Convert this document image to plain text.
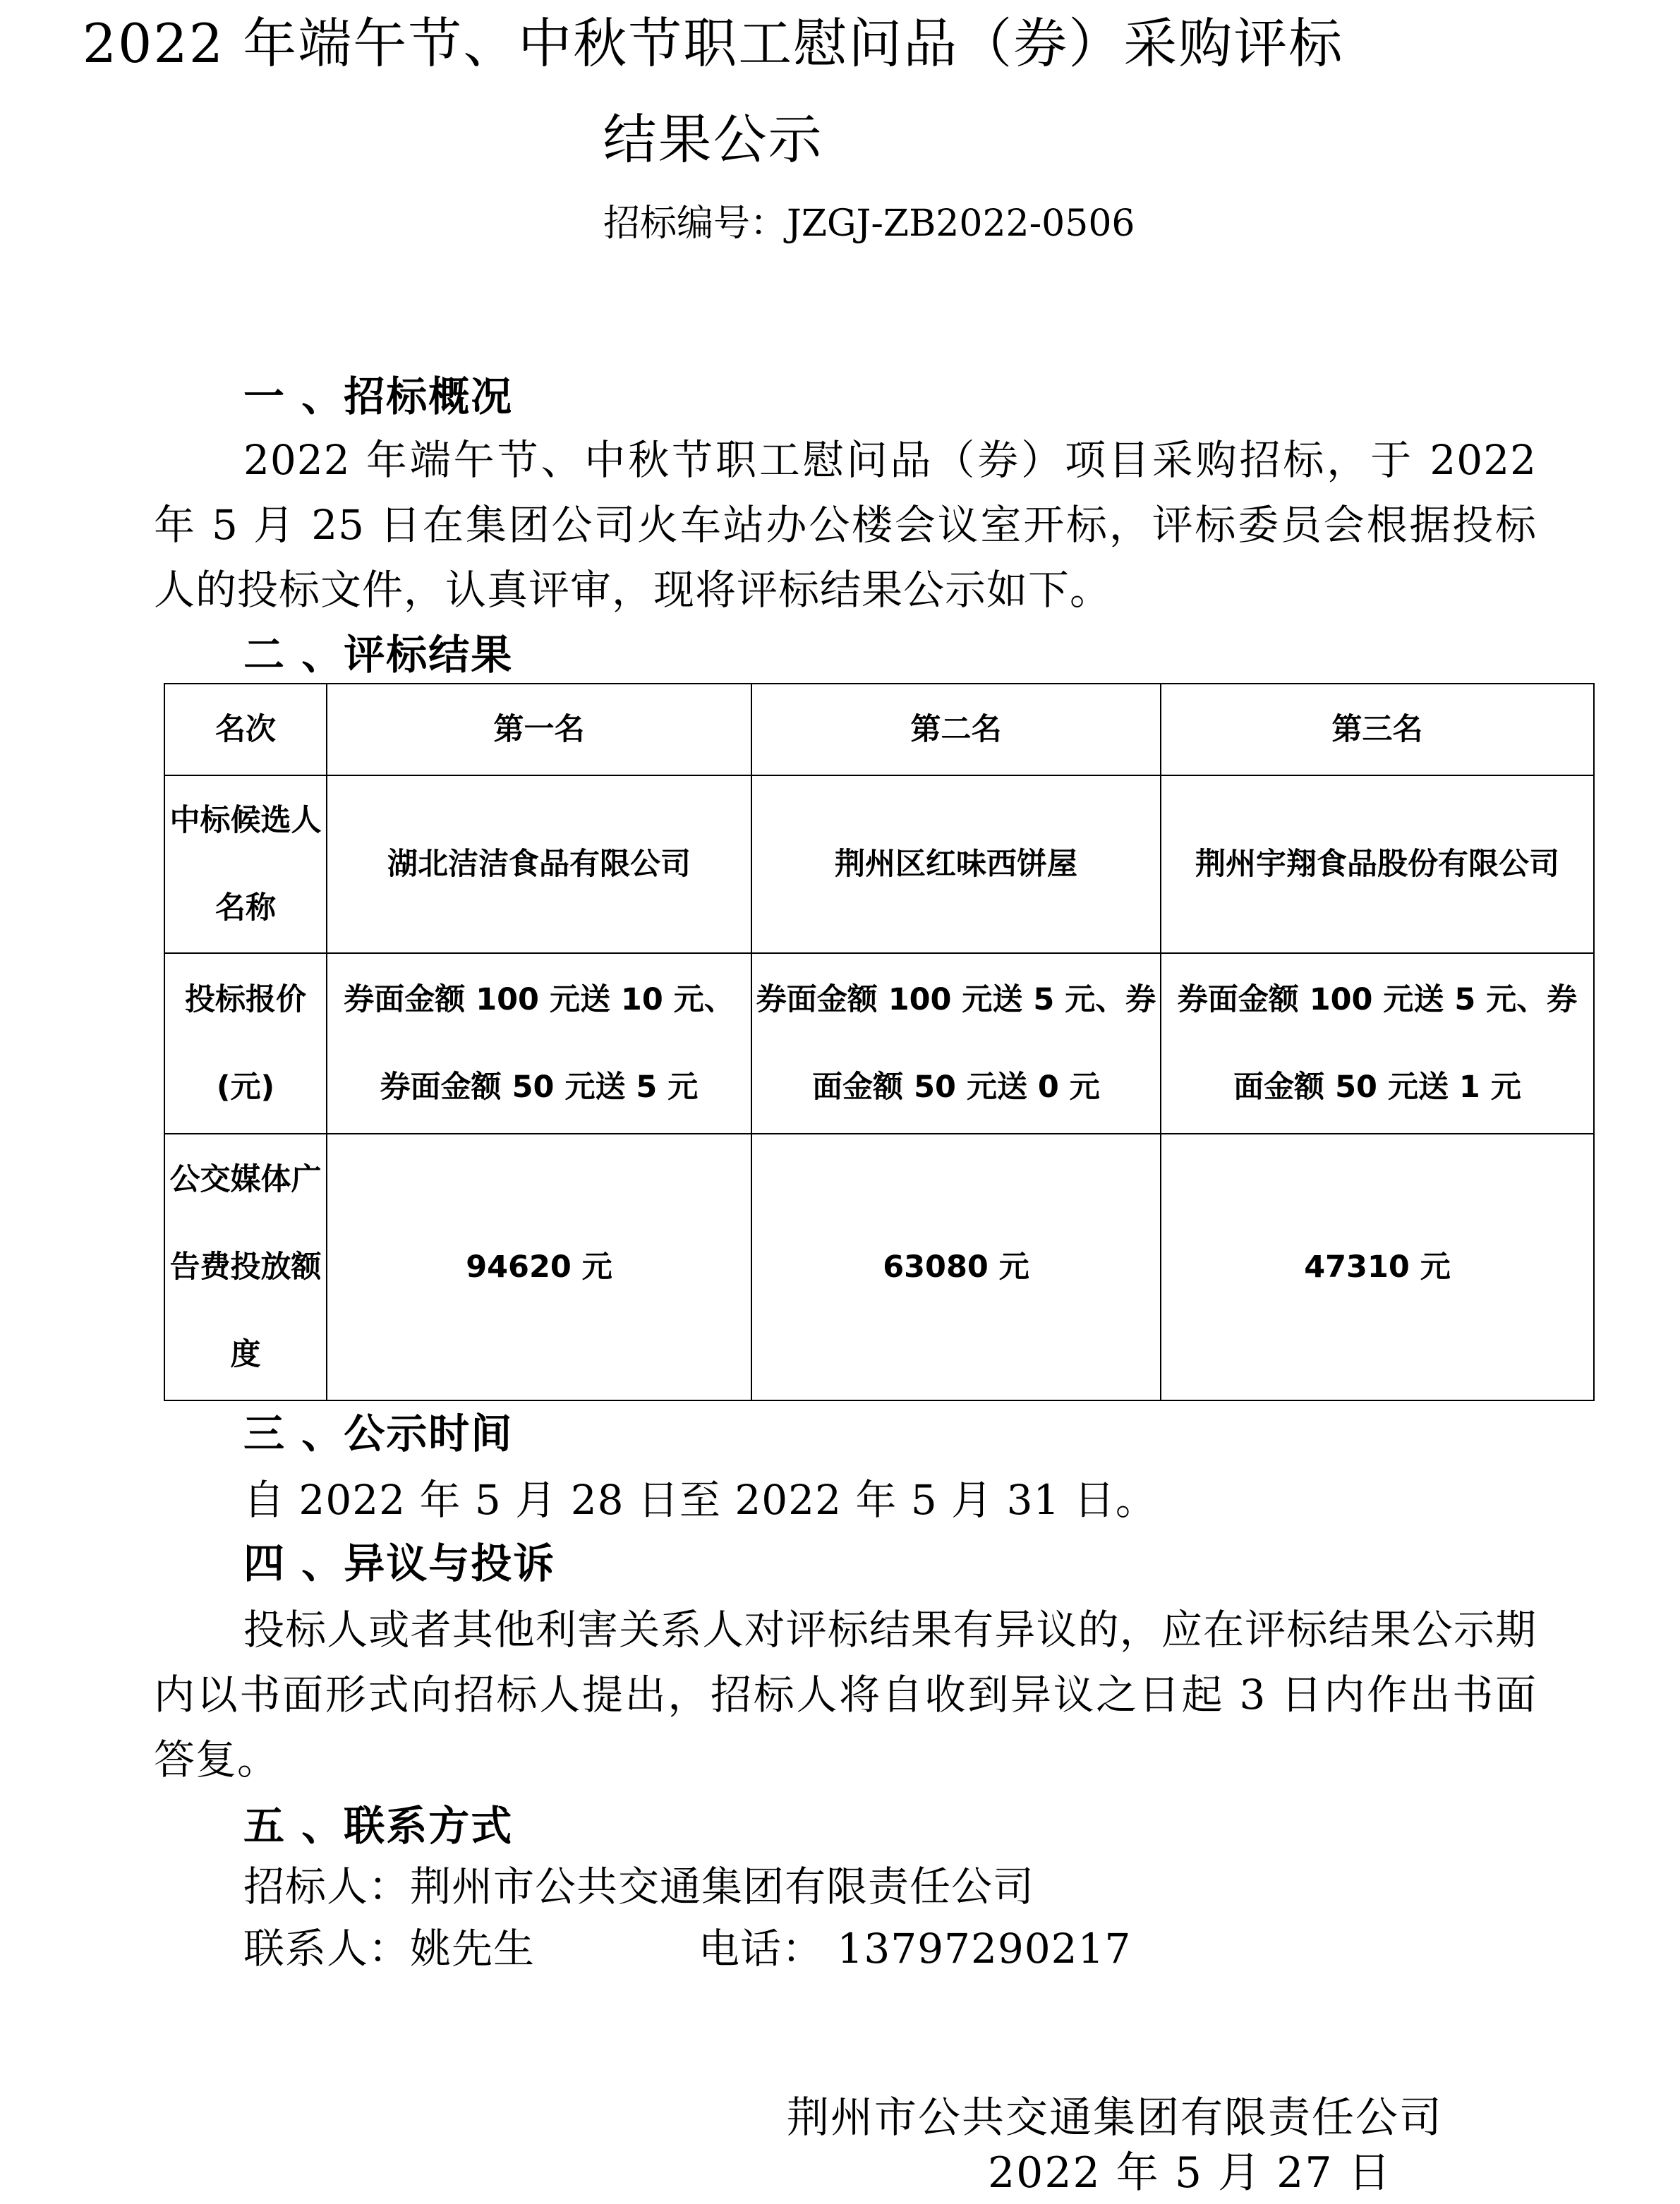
2022 年端午节、中秋节职工慰问品（券）采购评标
结果公示
招标编号：JZGJ-ZB2022-0506
一 、招标概况
2022 年端午节、中秋节职工慰问品（券）项目采购招标，于 2022 年 5 月 25 日在集团公司火车站办公楼会议室开标，评标委员会根据投标人的投标文件，认真评审，现将评标结果公示如下。
二 、评标结果
名次	第一名	第二名	第三名
中标候选人名称	湖北洁洁食品有限公司	荆州区红味西饼屋	荆州宇翔食品股份有限公司
投标报价(元)	券面金额 100 元送 10 元、券面金额 50 元送 5 元	券面金额 100 元送 5 元、券面金额 50 元送 0 元	券面金额 100 元送 5 元、券面金额 50 元送 1 元
公交媒体广告费投放额度	94620 元	63080 元	47310 元
三 、公示时间
自 2022 年 5 月 28 日至 2022 年 5 月 31 日。
四 、异议与投诉
投标人或者其他利害关系人对评标结果有异议的，应在评标结果公示期内以书面形式向招标人提出，招标人将自收到异议之日起 3 日内作出书面答复。
五 、联系方式
招标人：荆州市公共交通集团有限责任公司
联系人：姚先生	电话： 13797290217
荆州市公共交通集团有限责任公司
2022 年 5 月 27 日
